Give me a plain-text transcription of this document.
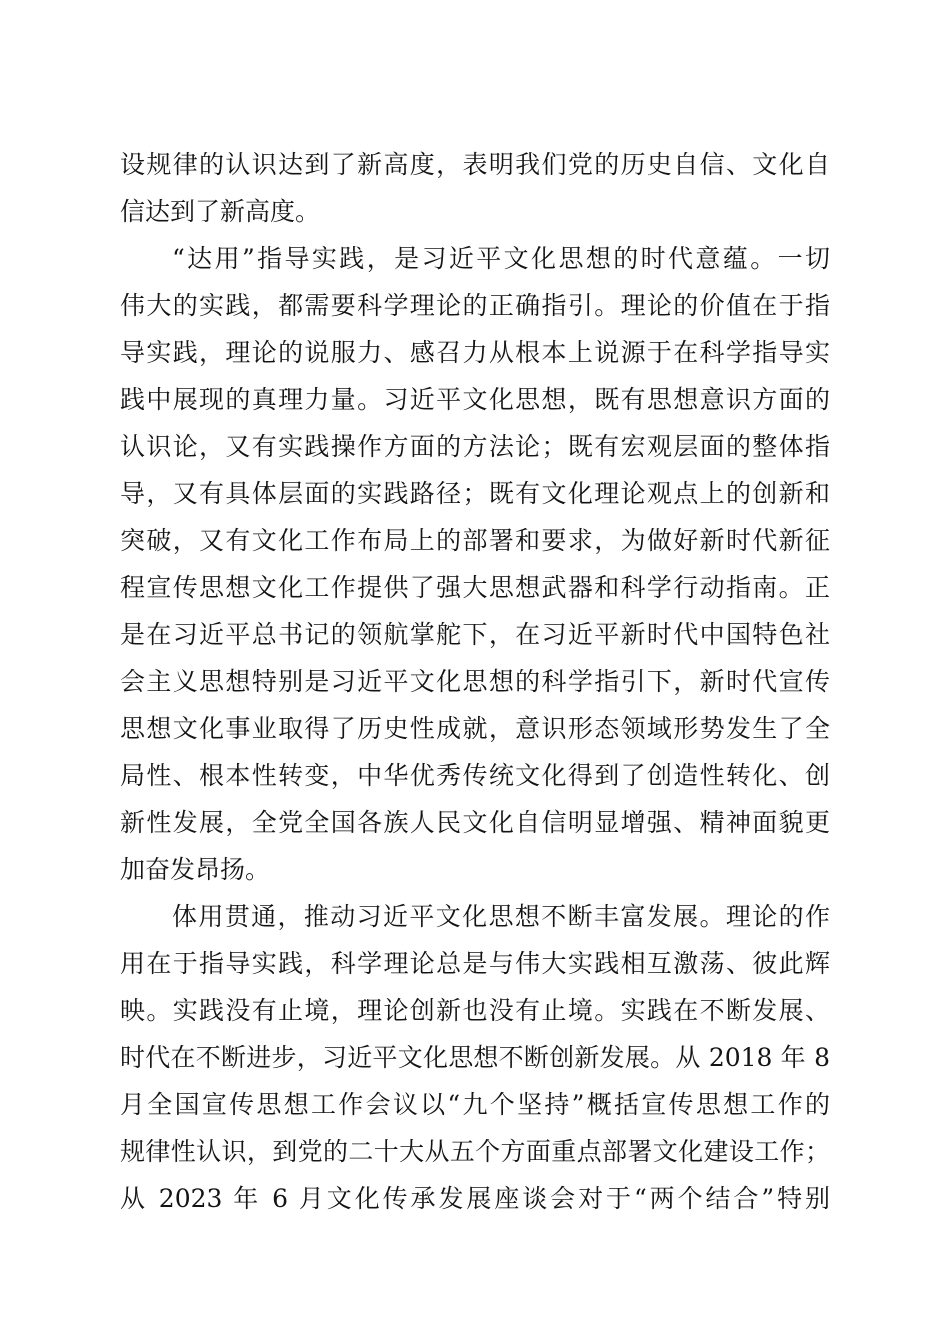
设规律的认识达到了新高度，表明我们党的历史自信、文化自
信达到了新高度。
“达用”指导实践，是习近平文化思想的时代意蕴。一切
伟大的实践，都需要科学理论的正确指引。理论的价值在于指
导实践，理论的说服力、感召力从根本上说源于在科学指导实
践中展现的真理力量。习近平文化思想，既有思想意识方面的
认识论，又有实践操作方面的方法论；既有宏观层面的整体指
导，又有具体层面的实践路径；既有文化理论观点上的创新和
突破，又有文化工作布局上的部署和要求，为做好新时代新征
程宣传思想文化工作提供了强大思想武器和科学行动指南。正
是在习近平总书记的领航掌舵下，在习近平新时代中国特色社
会主义思想特别是习近平文化思想的科学指引下，新时代宣传
思想文化事业取得了历史性成就，意识形态领域形势发生了全
局性、根本性转变，中华优秀传统文化得到了创造性转化、创
新性发展，全党全国各族人民文化自信明显增强、精神面貌更
加奋发昂扬。
体用贯通，推动习近平文化思想不断丰富发展。理论的作
用在于指导实践，科学理论总是与伟大实践相互激荡、彼此辉
映。实践没有止境，理论创新也没有止境。实践在不断发展、
时代在不断进步，习近平文化思想不断创新发展。从 2018 年 8
月全国宣传思想工作会议以“九个坚持”概括宣传思想工作的
规律性认识，到党的二十大从五个方面重点部署文化建设工作；
从 2023 年 6 月文化传承发展座谈会对于“两个结合”特别
